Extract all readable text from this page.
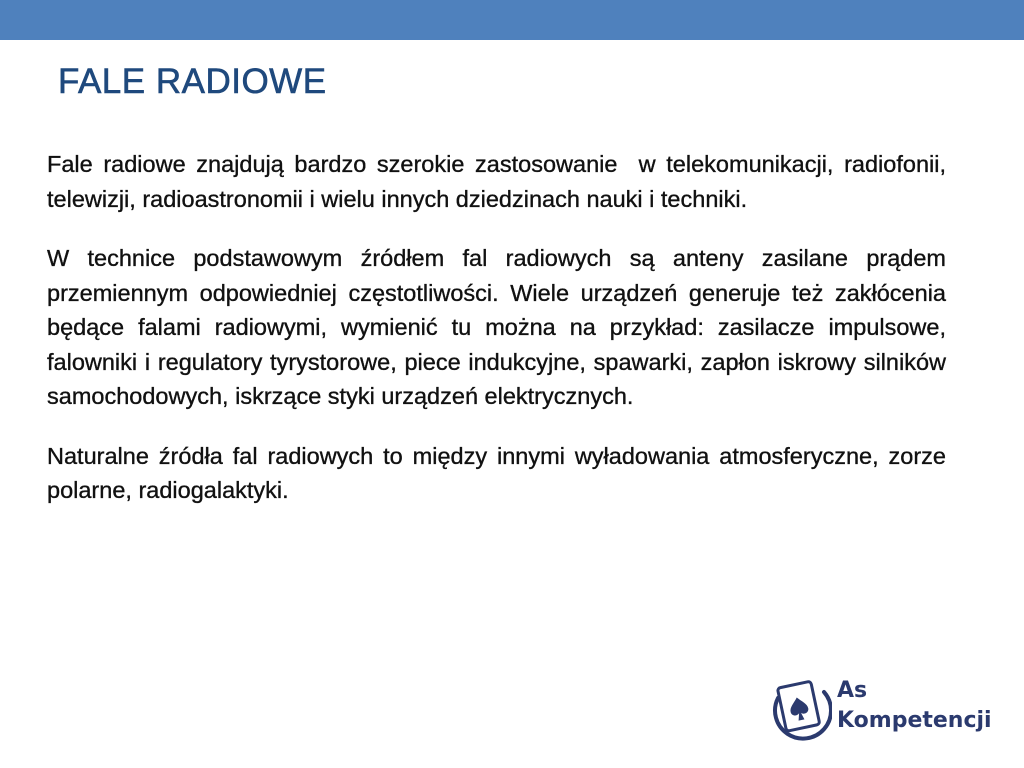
FALE RADIOWE

Fale radiowe znajdują bardzo szerokie zastosowanie  w telekomunikacji, radiofonii, telewizji, radioastronomii i wielu innych dziedzinach nauki i techniki.

W technice podstawowym źródłem fal radiowych są anteny zasilane prądem przemiennym odpowiedniej częstotliwości. Wiele urządzeń generuje też zakłócenia będące falami radiowymi, wymienić tu można na przykład: zasilacze impulsowe, falowniki i regulatory tyrystorowe, piece indukcyjne, spawarki, zapłon iskrowy silników samochodowych, iskrzące styki urządzeń elektrycznych.

Naturalne źródła fal radiowych to między innymi wyładowania atmosferyczne, zorze polarne, radiogalaktyki.

As
Kompetencji
